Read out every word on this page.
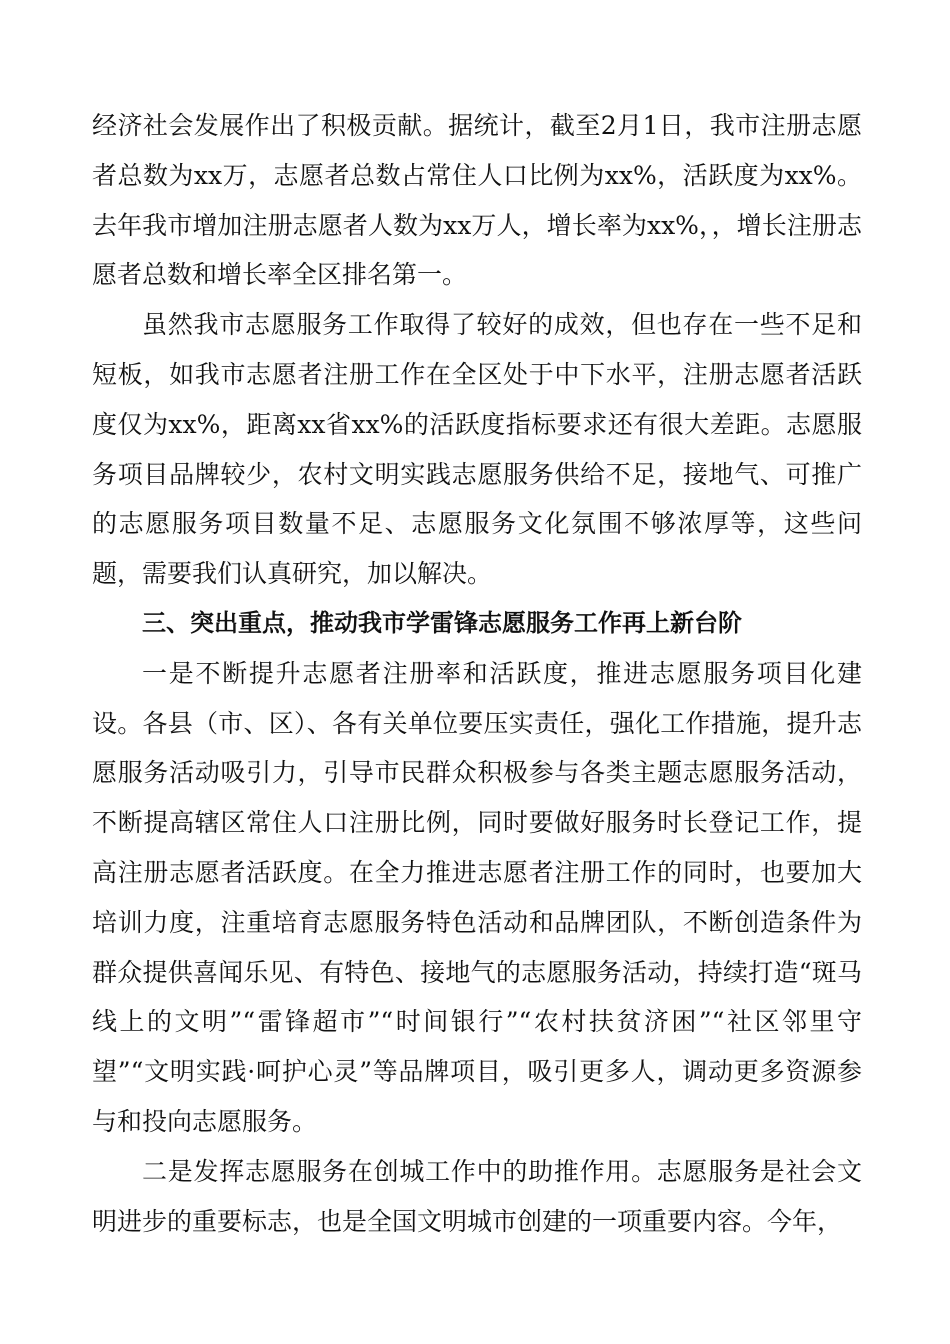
经济社会发展作出了积极贡献。据统计，截至2月1日，我市注册志愿者总数为xx万，志愿者总数占常住人口比例为xx%，活跃度为xx%。去年我市增加注册志愿者人数为xx万人，增长率为xx%，，增长注册志愿者总数和增长率全区排名第一。

虽然我市志愿服务工作取得了较好的成效，但也存在一些不足和短板，如我市志愿者注册工作在全区处于中下水平，注册志愿者活跃度仅为xx%，距离xx省xx%的活跃度指标要求还有很大差距。志愿服务项目品牌较少，农村文明实践志愿服务供给不足，接地气、可推广的志愿服务项目数量不足、志愿服务文化氛围不够浓厚等，这些问题，需要我们认真研究，加以解决。

三、突出重点，推动我市学雷锋志愿服务工作再上新台阶

一是不断提升志愿者注册率和活跃度，推进志愿服务项目化建设。各县（市、区）、各有关单位要压实责任，强化工作措施，提升志愿服务活动吸引力，引导市民群众积极参与各类主题志愿服务活动，不断提高辖区常住人口注册比例，同时要做好服务时长登记工作，提高注册志愿者活跃度。在全力推进志愿者注册工作的同时，也要加大培训力度，注重培育志愿服务特色活动和品牌团队，不断创造条件为群众提供喜闻乐见、有特色、接地气的志愿服务活动，持续打造“斑马线上的文明”“雷锋超市”“时间银行”“农村扶贫济困”“社区邻里守望”“文明实践·呵护心灵”等品牌项目，吸引更多人，调动更多资源参与和投向志愿服务。

二是发挥志愿服务在创城工作中的助推作用。志愿服务是社会文明进步的重要标志，也是全国文明城市创建的一项重要内容。今年，
